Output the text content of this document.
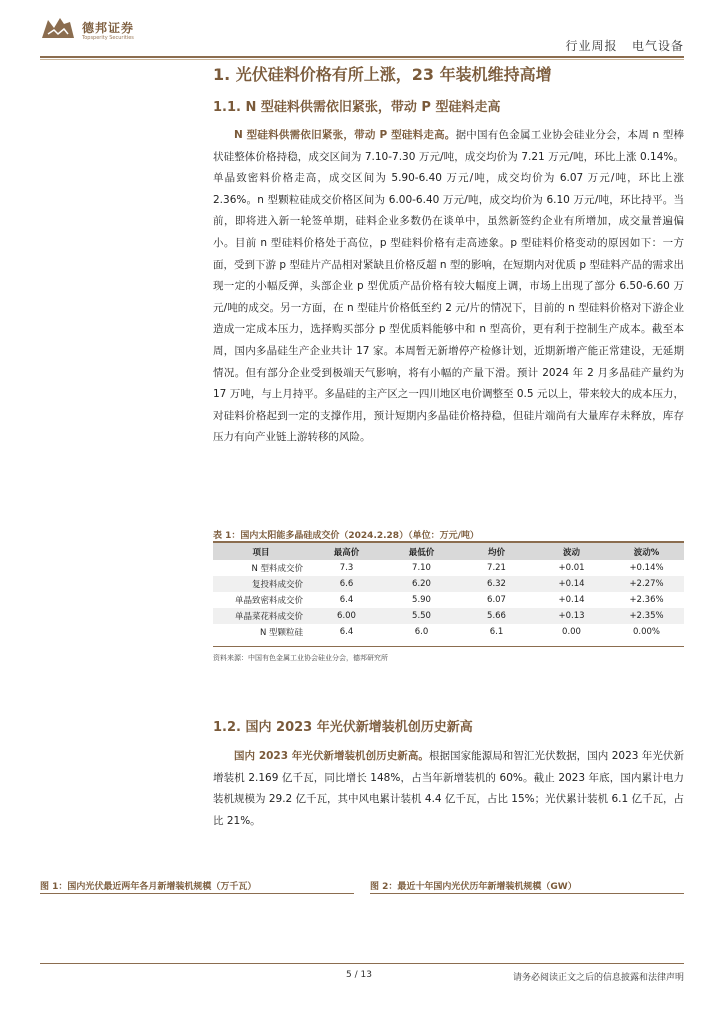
德邦证券
Topsperity Securities
行业周报   电气设备
1. 光伏硅料价格有所上涨，23 年装机维持高增
1.1. N 型硅料供需依旧紧张，带动 P 型硅料走高

N 型硅料供需依旧紧张，带动 P 型硅料走高。据中国有色金属工业协会硅业分会，本周 n 型棒状硅整体价格持稳，成交区间为 7.10-7.30 万元/吨，成交均价为 7.21 万元/吨，环比上涨 0.14%。单晶致密料价格走高，成交区间为 5.90-6.40 万元/吨，成交均价为 6.07 万元/吨，环比上涨 2.36%。n 型颗粒硅成交价格区间为 6.00-6.40 万元/吨，成交均价为 6.10 万元/吨，环比持平。当前，即将进入新一轮签单期，硅料企业多数仍在谈单中，虽然新签约企业有所增加，成交量普遍偏小。目前 n 型硅料价格处于高位，p 型硅料价格有走高迹象。p 型硅料价格变动的原因如下：一方面，受到下游 p 型硅片产品相对紧缺且价格反超 n 型的影响，在短期内对优质 p 型硅料产品的需求出现一定的小幅反弹，头部企业 p 型优质产品价格有较大幅度上调，市场上出现了部分 6.50-6.60 万元/吨的成交。另一方面，在 n 型硅片价格低至约 2 元/片的情况下，目前的 n 型硅料价格对下游企业造成一定成本压力，选择购买部分 p 型优质料能够中和 n 型高价，更有利于控制生产成本。截至本周，国内多晶硅生产企业共计 17 家。本周暂无新增停产检修计划，近期新增产能正常建设，无延期情况。但有部分企业受到极端天气影响，将有小幅的产量下滑。预计 2024 年 2 月多晶硅产量约为 17 万吨，与上月持平。多晶硅的主产区之一四川地区电价调整至 0.5 元以上，带来较大的成本压力，对硅料价格起到一定的支撑作用，预计短期内多晶硅价格持稳，但硅片端尚有大量库存未释放，库存压力有向产业链上游转移的风险。

表 1：国内太阳能多晶硅成交价（2024.2.28）（单位：万元/吨）
项目	最高价	最低价	均价	波动	波动%
N 型料成交价	7.3	7.10	7.21	+0.01	+0.14%
复投料成交价	6.6	6.20	6.32	+0.14	+2.27%
单晶致密料成交价	6.4	5.90	6.07	+0.14	+2.36%
单晶菜花料成交价	6.00	5.50	5.66	+0.13	+2.35%
N 型颗粒硅	6.4	6.0	6.1	0.00	0.00%
资料来源：中国有色金属工业协会硅业分会，德邦研究所
1.2. 国内 2023 年光伏新增装机创历史新高

国内 2023 年光伏新增装机创历史新高。根据国家能源局和智汇光伏数据，国内 2023 年光伏新增装机 2.169 亿千瓦，同比增长 148%，占当年新增装机的 60%。截止 2023 年底，国内累计电力装机规模为 29.2 亿千瓦，其中风电累计装机 4.4 亿千瓦，占比 15%；光伏累计装机 6.1 亿千瓦，占比 21%。

图 1：国内光伏最近两年各月新增装机规模（万千瓦）	图 2：最近十年国内光伏历年新增装机规模（GW）
5 / 13	请务必阅读正文之后的信息披露和法律声明
